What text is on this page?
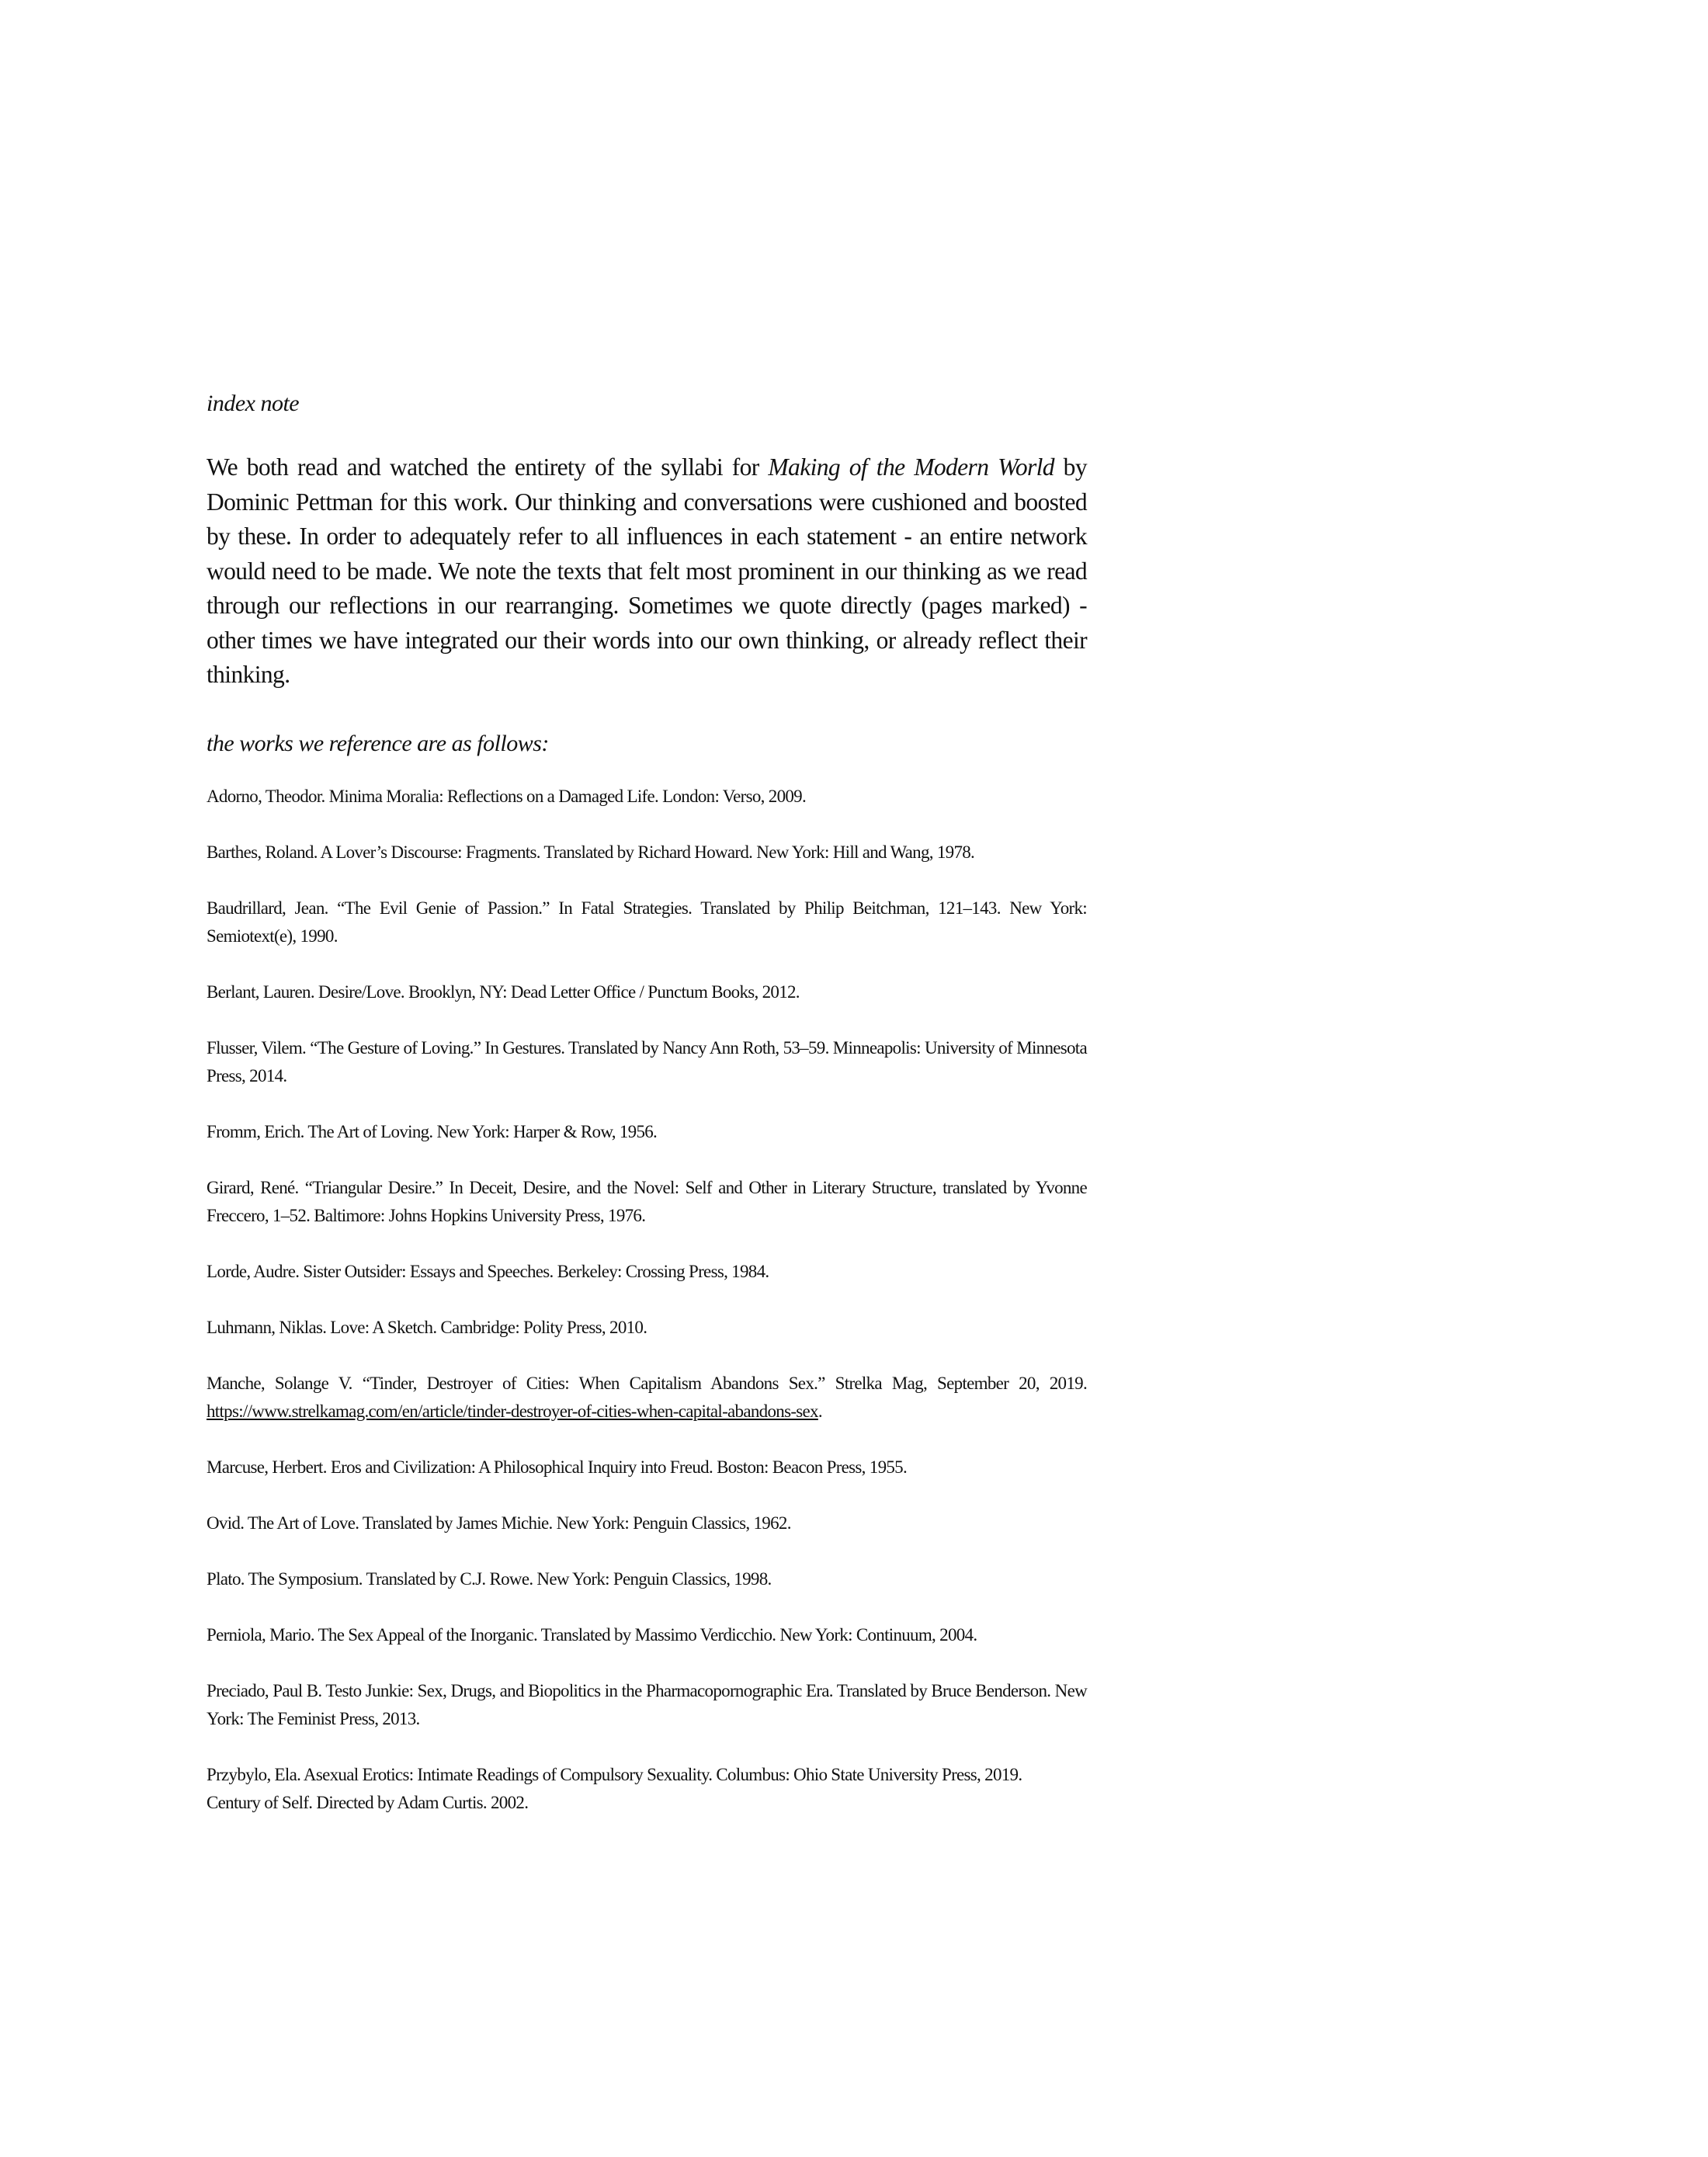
index note

We both read and watched the entirety of the syllabi for Making of the Modern World by Dominic Pettman for this work. Our thinking and conversations were cushioned and boosted by these. In order to adequately refer to all influences in each statement - an entire network would need to be made. We note the texts that felt most prominent in our thinking as we read through our reflections in our rearranging. Sometimes we quote directly (pages marked) - other times we have integrated our their words into our own thinking, or already reflect their thinking.

the works we reference are as follows:

Adorno, Theodor. Minima Moralia: Reflections on a Damaged Life. London: Verso, 2009.

Barthes, Roland. A Lover’s Discourse: Fragments. Translated by Richard Howard. New York: Hill and Wang, 1978.

Baudrillard, Jean. “The Evil Genie of Passion.” In Fatal Strategies. Translated by Philip Beitchman, 121–143. New York: Semiotext(e), 1990.

Berlant, Lauren. Desire/Love. Brooklyn, NY: Dead Letter Office / Punctum Books, 2012.

Flusser, Vilem. “The Gesture of Loving.” In Gestures. Translated by Nancy Ann Roth, 53–59. Minneapolis: University of Minnesota Press, 2014.

Fromm, Erich. The Art of Loving. New York: Harper & Row, 1956.

Girard, René. “Triangular Desire.” In Deceit, Desire, and the Novel: Self and Other in Literary Structure, translated by Yvonne Freccero, 1–52. Baltimore: Johns Hopkins University Press, 1976.

Lorde, Audre. Sister Outsider: Essays and Speeches. Berkeley: Crossing Press, 1984.

Luhmann, Niklas. Love: A Sketch. Cambridge: Polity Press, 2010.

Manche, Solange V. “Tinder, Destroyer of Cities: When Capitalism Abandons Sex.” Strelka Mag, September 20, 2019. https://www.strelkamag.com/en/article/tinder-destroyer-of-cities-when-capital-abandons-sex.

Marcuse, Herbert. Eros and Civilization: A Philosophical Inquiry into Freud. Boston: Beacon Press, 1955.

Ovid. The Art of Love. Translated by James Michie. New York: Penguin Classics, 1962.

Plato. The Symposium. Translated by C.J. Rowe. New York: Penguin Classics, 1998.

Perniola, Mario. The Sex Appeal of the Inorganic. Translated by Massimo Verdicchio. New York: Continuum, 2004.

Preciado, Paul B. Testo Junkie: Sex, Drugs, and Biopolitics in the Pharmacopornographic Era. Translated by Bruce Benderson. New York: The Feminist Press, 2013.

Przybylo, Ela. Asexual Erotics: Intimate Readings of Compulsory Sexuality. Columbus: Ohio State University Press, 2019.
Century of Self. Directed by Adam Curtis. 2002.
